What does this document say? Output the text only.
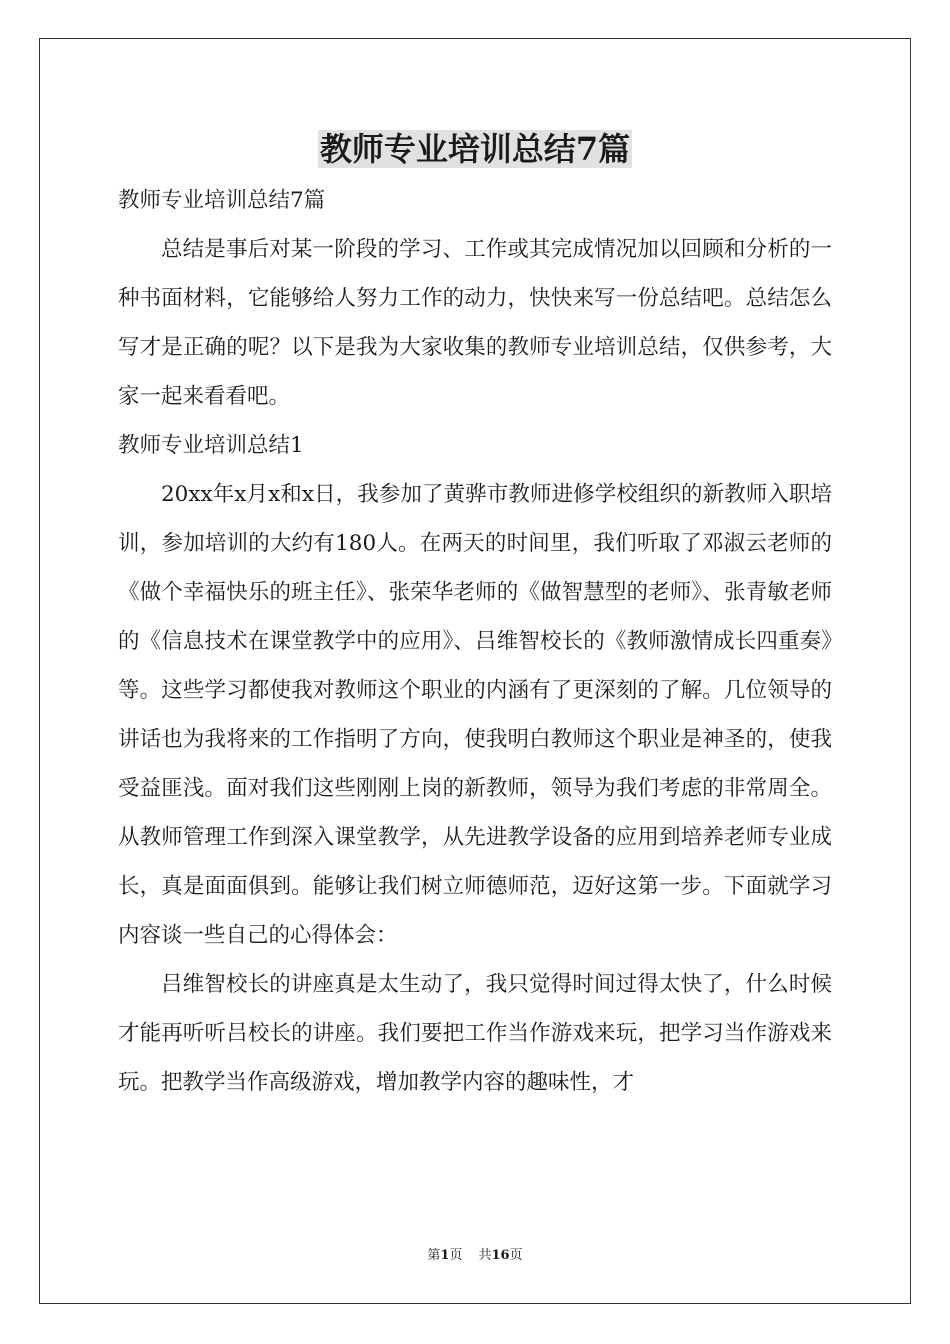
教师专业培训总结7篇

教师专业培训总结7篇

总结是事后对某一阶段的学习、工作或其完成情况加以回顾和分析的一种书面材料，它能够给人努力工作的动力，快快来写一份总结吧。总结怎么写才是正确的呢？以下是我为大家收集的教师专业培训总结，仅供参考，大家一起来看看吧。

教师专业培训总结1

20xx年x月x和x日，我参加了黄骅市教师进修学校组织的新教师入职培训，参加培训的大约有180人。在两天的时间里，我们听取了邓淑云老师的《做个幸福快乐的班主任》、张荣华老师的《做智慧型的老师》、张青敏老师的《信息技术在课堂教学中的应用》、吕维智校长的《教师激情成长四重奏》等。这些学习都使我对教师这个职业的内涵有了更深刻的了解。几位领导的讲话也为我将来的工作指明了方向，使我明白教师这个职业是神圣的，使我受益匪浅。面对我们这些刚刚上岗的新教师，领导为我们考虑的非常周全。从教师管理工作到深入课堂教学，从先进教学设备的应用到培养老师专业成长，真是面面俱到。能够让我们树立师德师范，迈好这第一步。下面就学习内容谈一些自己的心得体会：

吕维智校长的讲座真是太生动了，我只觉得时间过得太快了，什么时候才能再听听吕校长的讲座。我们要把工作当作游戏来玩，把学习当作游戏来玩。把教学当作高级游戏，增加教学内容的趣味性，才

第1页 共16页
